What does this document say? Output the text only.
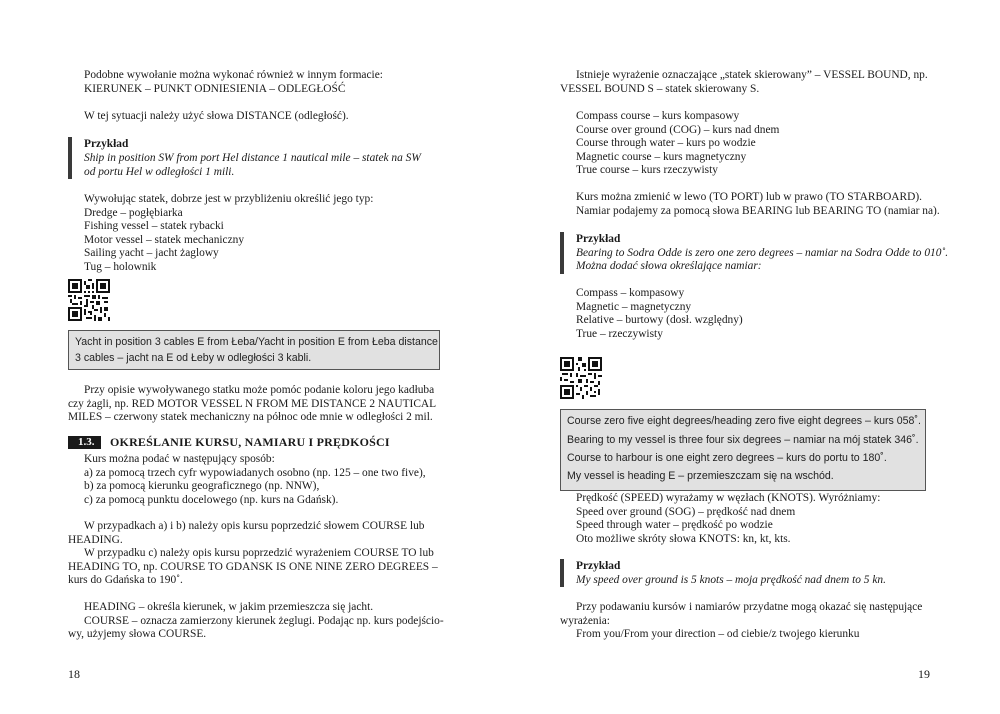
Podobne wywołanie można wykonać również w innym formacie:
KIERUNEK – PUNKT ODNIESIENIA – ODLEGŁOŚĆ
W tej sytuacji należy użyć słowa DISTANCE (odległość).
Przykład
Ship in position SW from port Hel distance 1 nautical mile – statek na SW
od portu Hel w odległości 1 mili.
Wywołując statek, dobrze jest w przybliżeniu określić jego typ:
Dredge – pogłębiarka
Fishing vessel – statek rybacki
Motor vessel – statek mechaniczny
Sailing yacht – jacht żaglowy
Tug – holownik
Yacht in position 3 cables E from Łeba/Yacht in position E from Łeba distance
3 cables – jacht na E od Łeby w odległości 3 kabli.
Przy opisie wywoływanego statku może pomóc podanie koloru jego kadłuba
czy żagli, np. RED MOTOR VESSEL N FROM ME DISTANCE 2 NAUTICAL
MILES – czerwony statek mechaniczny na północ ode mnie w odległości 2 mil.
1.3.	OKREŚLANIE KURSU, NAMIARU I PRĘDKOŚCI
Kurs można podać w następujący sposób:
a) za pomocą trzech cyfr wypowiadanych osobno (np. 125 – one two five),
b) za pomocą kierunku geograficznego (np. NNW),
c) za pomocą punktu docelowego (np. kurs na Gdańsk).
W przypadkach a) i b) należy opis kursu poprzedzić słowem COURSE lub
HEADING.
W przypadku c) należy opis kursu poprzedzić wyrażeniem COURSE TO lub
HEADING TO, np. COURSE TO GDANSK IS ONE NINE ZERO DEGREES –
kurs do Gdańska to 190˚.
HEADING – określa kierunek, w jakim przemieszcza się jacht.
COURSE – oznacza zamierzony kierunek żeglugi. Podając np. kurs podejścio-
wy, użyjemy słowa COURSE.
18
Istnieje wyrażenie oznaczające „statek skierowany” – VESSEL BOUND, np.
VESSEL BOUND S – statek skierowany S.
Compass course – kurs kompasowy
Course over ground (COG) – kurs nad dnem
Course through water – kurs po wodzie
Magnetic course – kurs magnetyczny
True course – kurs rzeczywisty
Kurs można zmienić w lewo (TO PORT) lub w prawo (TO STARBOARD).
Namiar podajemy za pomocą słowa BEARING lub BEARING TO (namiar na).
Przykład
Bearing to Sodra Odde is zero one zero degrees – namiar na Sodra Odde to 010˚.
Można dodać słowa określające namiar:
Compass – kompasowy
Magnetic – magnetyczny
Relative – burtowy (dosł. względny)
True – rzeczywisty
Course zero five eight degrees/heading zero five eight degrees – kurs 058˚.
Bearing to my vessel is three four six degrees – namiar na mój statek 346˚.
Course to harbour is one eight zero degrees – kurs do portu to 180˚.
My vessel is heading E – przemieszczam się na wschód.
Prędkość (SPEED) wyrażamy w węzłach (KNOTS). Wyróżniamy:
Speed over ground (SOG) – prędkość nad dnem
Speed through water – prędkość po wodzie
Oto możliwe skróty słowa KNOTS: kn, kt, kts.
Przykład
My speed over ground is 5 knots – moja prędkość nad dnem to 5 kn.
Przy podawaniu kursów i namiarów przydatne mogą okazać się następujące
wyrażenia:
From you/From your direction – od ciebie/z twojego kierunku
19
